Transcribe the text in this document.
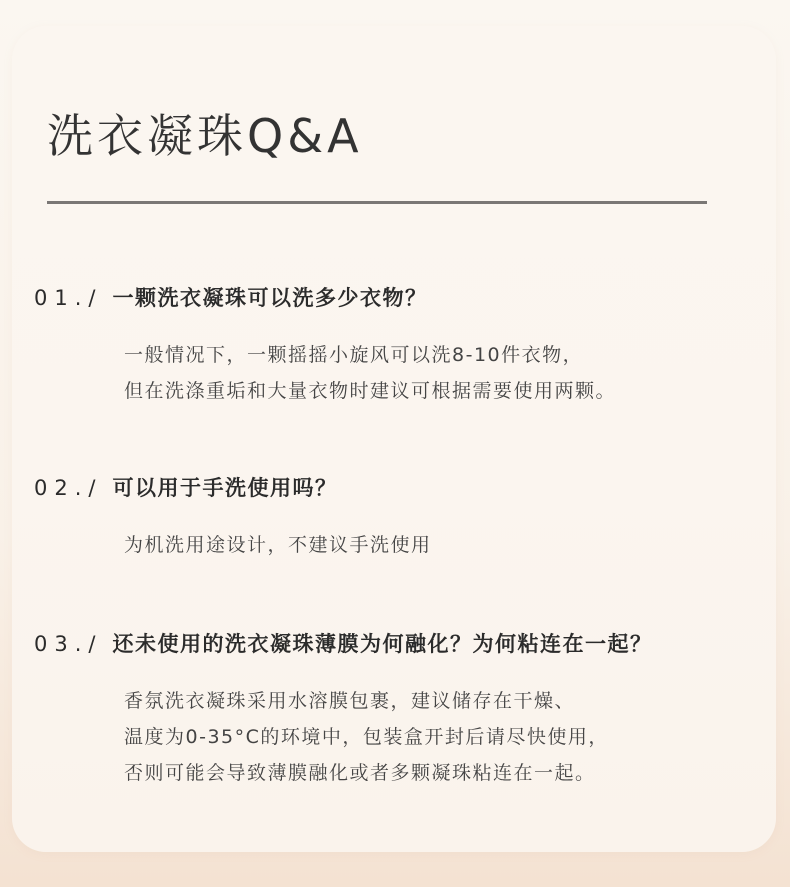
洗衣凝珠Q&A
01./ 一颗洗衣凝珠可以洗多少衣物？
一般情况下，一颗摇摇小旋风可以洗8-10件衣物，
但在洗涤重垢和大量衣物时建议可根据需要使用两颗。
02./ 可以用于手洗使用吗？
为机洗用途设计，不建议手洗使用
03./ 还未使用的洗衣凝珠薄膜为何融化？为何粘连在一起？
香氛洗衣凝珠采用水溶膜包裹，建议储存在干燥、
温度为0-35°C的环境中，包装盒开封后请尽快使用，
否则可能会导致薄膜融化或者多颗凝珠粘连在一起。
